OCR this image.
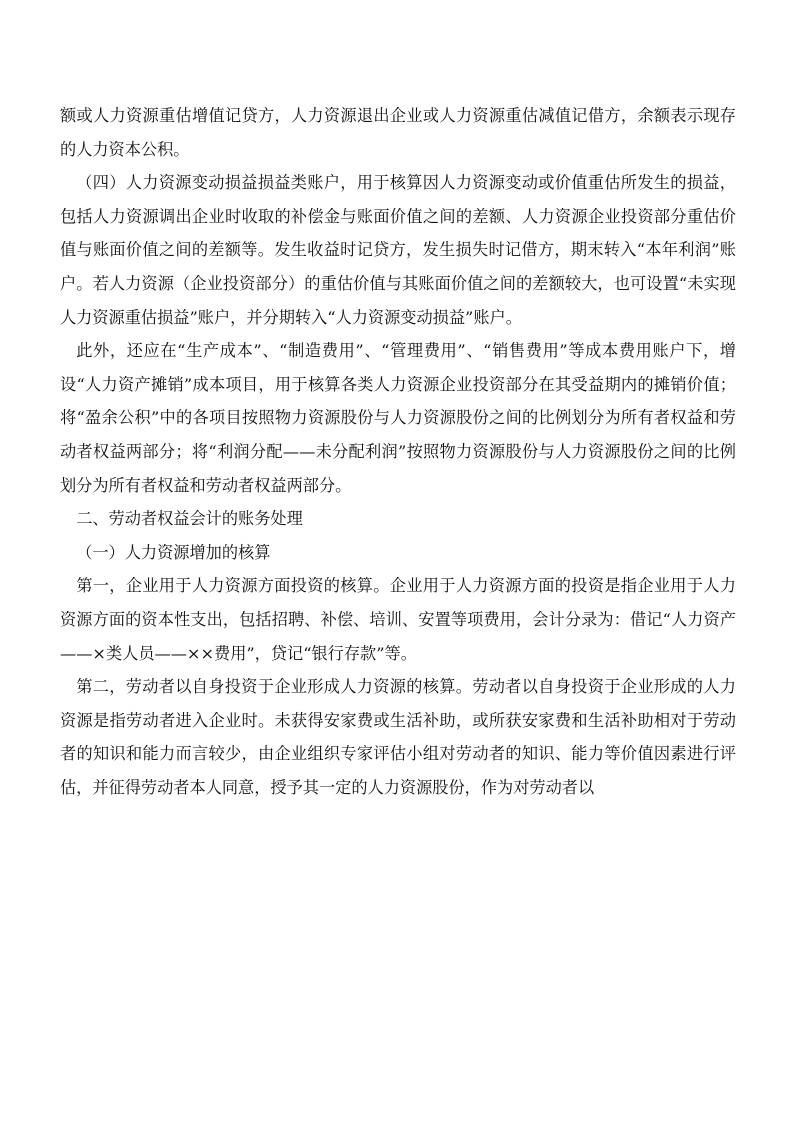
额或人力资源重估增值记贷方，人力资源退出企业或人力资源重估减值记借方，余额表示现存的人力资本公积。

（四）人力资源变动损益损益类账户，用于核算因人力资源变动或价值重估所发生的损益，包括人力资源调出企业时收取的补偿金与账面价值之间的差额、人力资源企业投资部分重估价值与账面价值之间的差额等。发生收益时记贷方，发生损失时记借方，期末转入“本年利润”账户。若人力资源（企业投资部分）的重估价值与其账面价值之间的差额较大，也可设置“未实现人力资源重估损益”账户，并分期转入“人力资源变动损益”账户。

此外，还应在“生产成本”、“制造费用”、“管理费用”、“销售费用”等成本费用账户下，增设“人力资产摊销”成本项目，用于核算各类人力资源企业投资部分在其受益期内的摊销价值；将“盈余公积”中的各项目按照物力资源股份与人力资源股份之间的比例划分为所有者权益和劳动者权益两部分；将“利润分配——未分配利润”按照物力资源股份与人力资源股份之间的比例划分为所有者权益和劳动者权益两部分。

二、劳动者权益会计的账务处理

（一）人力资源增加的核算

第一，企业用于人力资源方面投资的核算。企业用于人力资源方面的投资是指企业用于人力资源方面的资本性支出，包括招聘、补偿、培训、安置等项费用，会计分录为：借记“人力资产——×类人员——××费用”，贷记“银行存款”等。

第二，劳动者以自身投资于企业形成人力资源的核算。劳动者以自身投资于企业形成的人力资源是指劳动者进入企业时。未获得安家费或生活补助，或所获安家费和生活补助相对于劳动者的知识和能力而言较少，由企业组织专家评估小组对劳动者的知识、能力等价值因素进行评估，并征得劳动者本人同意，授予其一定的人力资源股份，作为对劳动者以
